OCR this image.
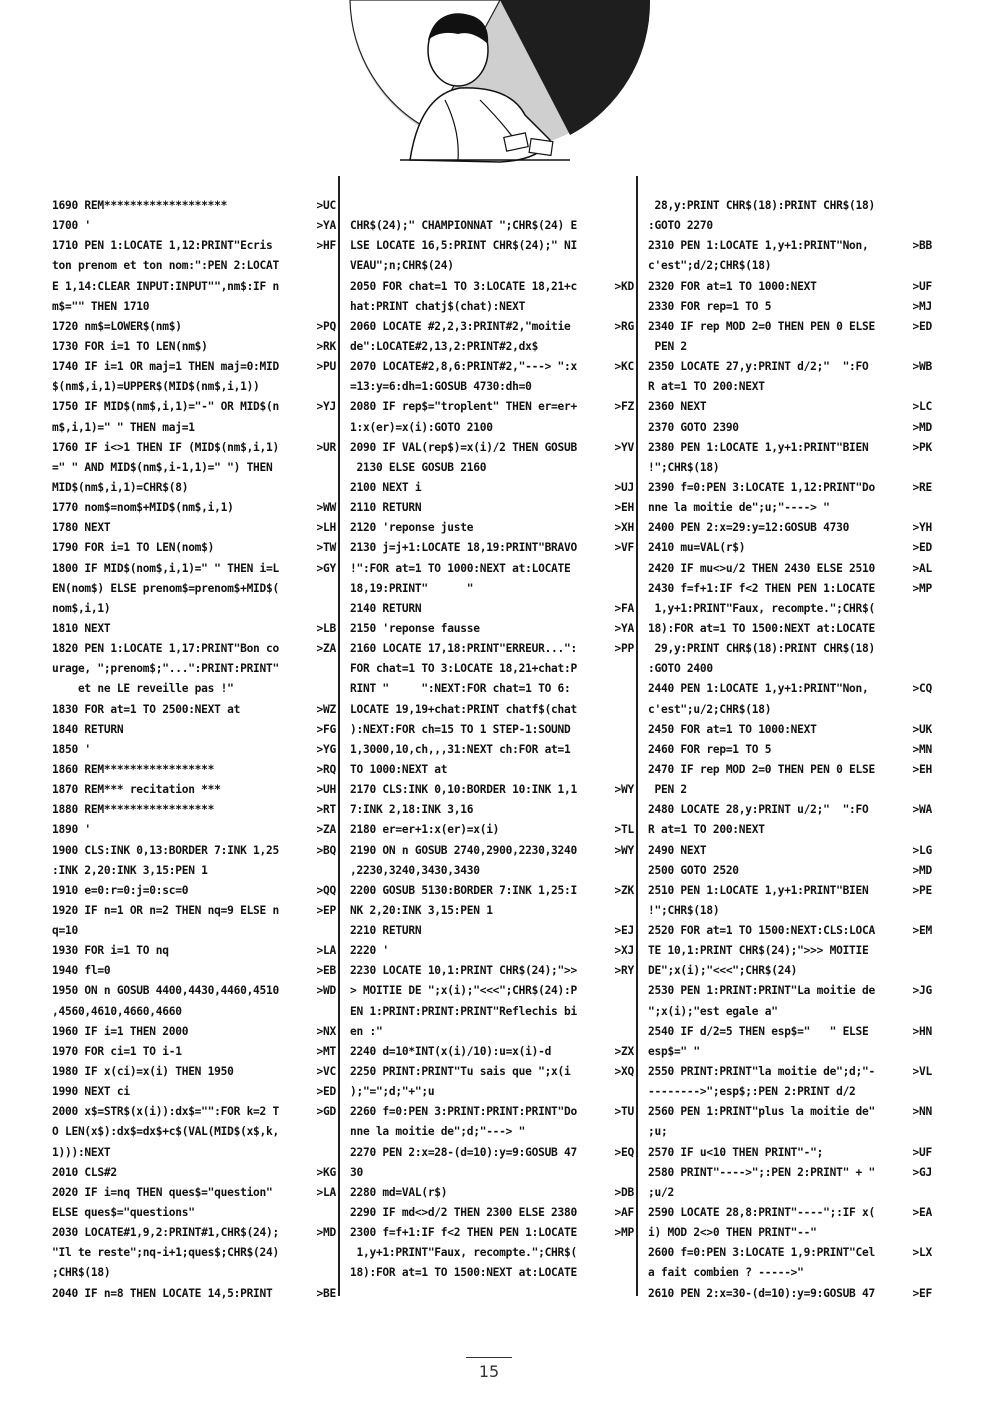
1690 REM*******************	>UC
1700 '	>YA
1710 PEN 1:LOCATE 1,12:PRINT"Ecris	>HF
ton prenom et ton nom:":PEN 2:LOCAT
E 1,14:CLEAR INPUT:INPUT"",nm$:IF n
m$="" THEN 1710
1720 nm$=LOWER$(nm$)	>PQ
1730 FOR i=1 TO LEN(nm$)	>RK
1740 IF i=1 OR maj=1 THEN maj=0:MID	>PU
$(nm$,i,1)=UPPER$(MID$(nm$,i,1))
1750 IF MID$(nm$,i,1)="-" OR MID$(n	>YJ
m$,i,1)=" " THEN maj=1
1760 IF i<>1 THEN IF (MID$(nm$,i,1)	>UR
=" " AND MID$(nm$,i-1,1)=" ") THEN
MID$(nm$,i,1)=CHR$(8)
1770 nom$=nom$+MID$(nm$,i,1)	>WW
1780 NEXT	>LH
1790 FOR i=1 TO LEN(nom$)	>TW
1800 IF MID$(nom$,i,1)=" " THEN i=L	>GY
EN(nom$) ELSE prenom$=prenom$+MID$(
nom$,i,1)
1810 NEXT	>LB
1820 PEN 1:LOCATE 1,17:PRINT"Bon co	>ZA
urage, ";prenom$;"...":PRINT:PRINT"
et ne LE reveille pas !"
1830 FOR at=1 TO 2500:NEXT at	>WZ
1840 RETURN	>FG
1850 '	>YG
1860 REM*****************	>RQ
1870 REM*** recitation ***	>UH
1880 REM*****************	>RT
1890 '	>ZA
1900 CLS:INK 0,13:BORDER 7:INK 1,25	>BQ
:INK 2,20:INK 3,15:PEN 1
1910 e=0:r=0:j=0:sc=0	>QQ
1920 IF n=1 OR n=2 THEN nq=9 ELSE n	>EP
q=10
1930 FOR i=1 TO nq	>LA
1940 fl=0	>EB
1950 ON n GOSUB 4400,4430,4460,4510	>WD
,4560,4610,4660,4660
1960 IF i=1 THEN 2000	>NX
1970 FOR ci=1 TO i-1	>MT
1980 IF x(ci)=x(i) THEN 1950	>VC
1990 NEXT ci	>ED
2000 x$=STR$(x(i)):dx$="":FOR k=2 T	>GD
O LEN(x$):dx$=dx$+c$(VAL(MID$(x$,k,
1))):NEXT
2010 CLS#2	>KG
2020 IF i=nq THEN ques$="question"	>LA
ELSE ques$="questions"
2030 LOCATE#1,9,2:PRINT#1,CHR$(24);	>MD
"Il te reste";nq-i+1;ques$;CHR$(24)
;CHR$(18)
2040 IF n=8 THEN LOCATE 14,5:PRINT	>BE
CHR$(24);" CHAMPIONNAT ";CHR$(24) E
LSE LOCATE 16,5:PRINT CHR$(24);" NI
VEAU";n;CHR$(24)
2050 FOR chat=1 TO 3:LOCATE 18,21+c	>KD
hat:PRINT chatj$(chat):NEXT
2060 LOCATE #2,2,3:PRINT#2,"moitie	>RG
de":LOCATE#2,13,2:PRINT#2,dx$
2070 LOCATE#2,8,6:PRINT#2,"---> ":x	>KC
=13:y=6:dh=1:GOSUB 4730:dh=0
2080 IF rep$="troplent" THEN er=er+	>FZ
1:x(er)=x(i):GOTO 2100
2090 IF VAL(rep$)=x(i)/2 THEN GOSUB	>YV
2130 ELSE GOSUB 2160
2100 NEXT i	>UJ
2110 RETURN	>EH
2120 'reponse juste	>XH
2130 j=j+1:LOCATE 18,19:PRINT"BRAVO	>VF
!":FOR at=1 TO 1000:NEXT at:LOCATE
18,19:PRINT"      "
2140 RETURN	>FA
2150 'reponse fausse	>YA
2160 LOCATE 17,18:PRINT"ERREUR...":	>PP
FOR chat=1 TO 3:LOCATE 18,21+chat:P
RINT "     ":NEXT:FOR chat=1 TO 6:
LOCATE 19,19+chat:PRINT chatf$(chat
):NEXT:FOR ch=15 TO 1 STEP-1:SOUND
1,3000,10,ch,,,31:NEXT ch:FOR at=1
TO 1000:NEXT at
2170 CLS:INK 0,10:BORDER 10:INK 1,1	>WY
7:INK 2,18:INK 3,16
2180 er=er+1:x(er)=x(i)	>TL
2190 ON n GOSUB 2740,2900,2230,3240	>WY
,2230,3240,3430,3430
2200 GOSUB 5130:BORDER 7:INK 1,25:I	>ZK
NK 2,20:INK 3,15:PEN 1
2210 RETURN	>EJ
2220 '	>XJ
2230 LOCATE 10,1:PRINT CHR$(24);">>	>RY
> MOITIE DE ";x(i);"<<<";CHR$(24):P
EN 1:PRINT:PRINT:PRINT"Reflechis bi
en :"
2240 d=10*INT(x(i)/10):u=x(i)-d	>ZX
2250 PRINT:PRINT"Tu sais que ";x(i	>XQ
);"=";d;"+";u
2260 f=0:PEN 3:PRINT:PRINT:PRINT"Do	>TU
nne la moitie de";d;"---> "
2270 PEN 2:x=28-(d=10):y=9:GOSUB 47	>EQ
30
2280 md=VAL(r$)	>DB
2290 IF md<>d/2 THEN 2300 ELSE 2380	>AF
2300 f=f+1:IF f<2 THEN PEN 1:LOCATE	>MP
1,y+1:PRINT"Faux, recompte.";CHR$(
18):FOR at=1 TO 1500:NEXT at:LOCATE
28,y:PRINT CHR$(18):PRINT CHR$(18)
:GOTO 2270
2310 PEN 1:LOCATE 1,y+1:PRINT"Non,	>BB
c'est";d/2;CHR$(18)
2320 FOR at=1 TO 1000:NEXT	>UF
2330 FOR rep=1 TO 5	>MJ
2340 IF rep MOD 2=0 THEN PEN 0 ELSE	>ED
PEN 2
2350 LOCATE 27,y:PRINT d/2;"  ":FO	>WB
R at=1 TO 200:NEXT
2360 NEXT	>LC
2370 GOTO 2390	>MD
2380 PEN 1:LOCATE 1,y+1:PRINT"BIEN	>PK
!";CHR$(18)
2390 f=0:PEN 3:LOCATE 1,12:PRINT"Do	>RE
nne la moitie de";u;"----> "
2400 PEN 2:x=29:y=12:GOSUB 4730	>YH
2410 mu=VAL(r$)	>ED
2420 IF mu<>u/2 THEN 2430 ELSE 2510	>AL
2430 f=f+1:IF f<2 THEN PEN 1:LOCATE	>MP
1,y+1:PRINT"Faux, recompte.";CHR$(
18):FOR at=1 TO 1500:NEXT at:LOCATE
29,y:PRINT CHR$(18):PRINT CHR$(18)
:GOTO 2400
2440 PEN 1:LOCATE 1,y+1:PRINT"Non,	>CQ
c'est";u/2;CHR$(18)
2450 FOR at=1 TO 1000:NEXT	>UK
2460 FOR rep=1 TO 5	>MN
2470 IF rep MOD 2=0 THEN PEN 0 ELSE	>EH
PEN 2
2480 LOCATE 28,y:PRINT u/2;"  ":FO	>WA
R at=1 TO 200:NEXT
2490 NEXT	>LG
2500 GOTO 2520	>MD
2510 PEN 1:LOCATE 1,y+1:PRINT"BIEN	>PE
!";CHR$(18)
2520 FOR at=1 TO 1500:NEXT:CLS:LOCA	>EM
TE 10,1:PRINT CHR$(24);">>> MOITIE
DE";x(i);"<<<";CHR$(24)
2530 PEN 1:PRINT:PRINT"La moitie de	>JG
";x(i);"est egale a"
2540 IF d/2=5 THEN esp$="   " ELSE	>HN
esp$=" "
2550 PRINT:PRINT"la moitie de";d;"-	>VL
-------->";esp$;:PEN 2:PRINT d/2
2560 PEN 1:PRINT"plus la moitie de"	>NN
;u;
2570 IF u<10 THEN PRINT"-";	>UF
2580 PRINT"---->";:PEN 2:PRINT" + "	>GJ
;u/2
2590 LOCATE 28,8:PRINT"----";:IF x(	>EA
i) MOD 2<>0 THEN PRINT"--"
2600 f=0:PEN 3:LOCATE 1,9:PRINT"Cel	>LX
a fait combien ? ----->"
2610 PEN 2:x=30-(d=10):y=9:GOSUB 47	>EF
15
